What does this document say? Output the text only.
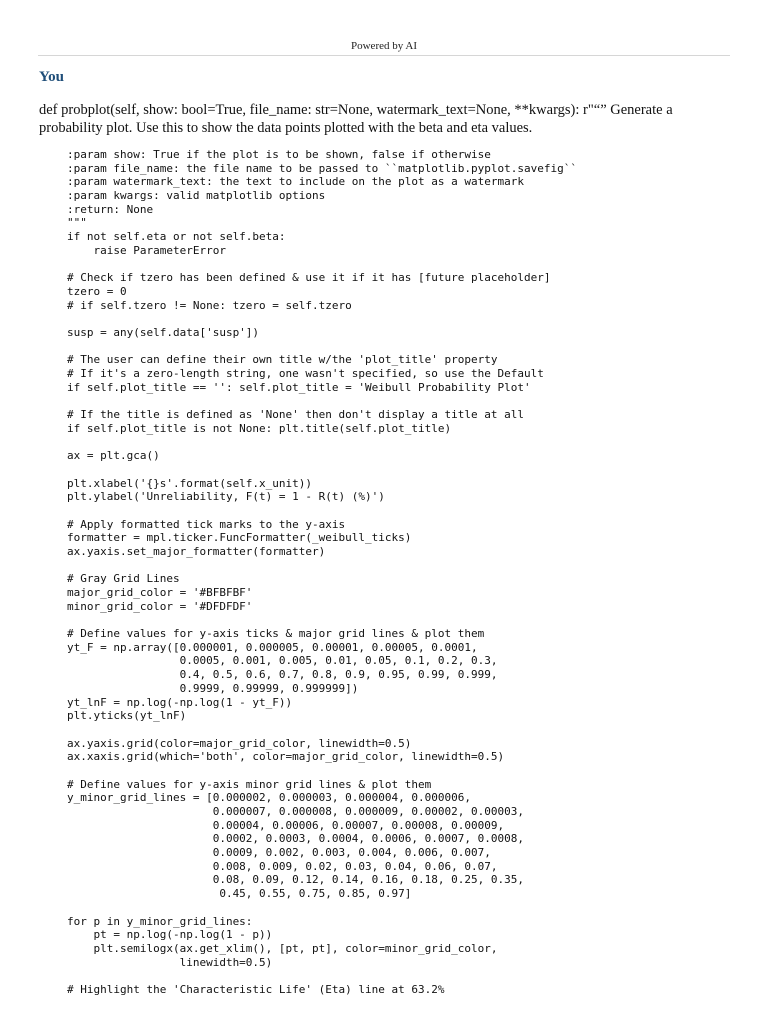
Powered by AI
You

def probplot(self, show: bool=True, file_name: str=None, watermark_text=None, **kwargs): r"“” Generate a probability plot. Use this to show the data points plotted with the beta and eta values.

:param show: True if the plot is to be shown, false if otherwise
:param file_name: the file name to be passed to ``matplotlib.pyplot.savefig``
:param watermark_text: the text to include on the plot as a watermark
:param kwargs: valid matplotlib options
:return: None
"""
if not self.eta or not self.beta:
raise ParameterError

# Check if tzero has been defined & use it if it has [future placeholder]
tzero = 0
# if self.tzero != None: tzero = self.tzero

susp = any(self.data['susp'])

# The user can define their own title w/the 'plot_title' property
# If it's a zero-length string, one wasn't specified, so use the Default
if self.plot_title == '': self.plot_title = 'Weibull Probability Plot'

# If the title is defined as 'None' then don't display a title at all
if self.plot_title is not None: plt.title(self.plot_title)

ax = plt.gca()

plt.xlabel('{}s'.format(self.x_unit))
plt.ylabel('Unreliability, F(t) = 1 - R(t) (%)')

# Apply formatted tick marks to the y-axis
formatter = mpl.ticker.FuncFormatter(_weibull_ticks)
ax.yaxis.set_major_formatter(formatter)

# Gray Grid Lines
major_grid_color = '#BFBFBF'
minor_grid_color = '#DFDFDF'

# Define values for y-axis ticks & major grid lines & plot them
yt_F = np.array([0.000001, 0.000005, 0.00001, 0.00005, 0.0001,
0.0005, 0.001, 0.005, 0.01, 0.05, 0.1, 0.2, 0.3,
0.4, 0.5, 0.6, 0.7, 0.8, 0.9, 0.95, 0.99, 0.999,
0.9999, 0.99999, 0.999999])
yt_lnF = np.log(-np.log(1 - yt_F))
plt.yticks(yt_lnF)

ax.yaxis.grid(color=major_grid_color, linewidth=0.5)
ax.xaxis.grid(which='both', color=major_grid_color, linewidth=0.5)

# Define values for y-axis minor grid lines & plot them
y_minor_grid_lines = [0.000002, 0.000003, 0.000004, 0.000006,
0.000007, 0.000008, 0.000009, 0.00002, 0.00003,
0.00004, 0.00006, 0.00007, 0.00008, 0.00009,
0.0002, 0.0003, 0.0004, 0.0006, 0.0007, 0.0008,
0.0009, 0.002, 0.003, 0.004, 0.006, 0.007,
0.008, 0.009, 0.02, 0.03, 0.04, 0.06, 0.07,
0.08, 0.09, 0.12, 0.14, 0.16, 0.18, 0.25, 0.35,
0.45, 0.55, 0.75, 0.85, 0.97]

for p in y_minor_grid_lines:
pt = np.log(-np.log(1 - p))
plt.semilogx(ax.get_xlim(), [pt, pt], color=minor_grid_color,
linewidth=0.5)

# Highlight the 'Characteristic Life' (Eta) line at 63.2%
